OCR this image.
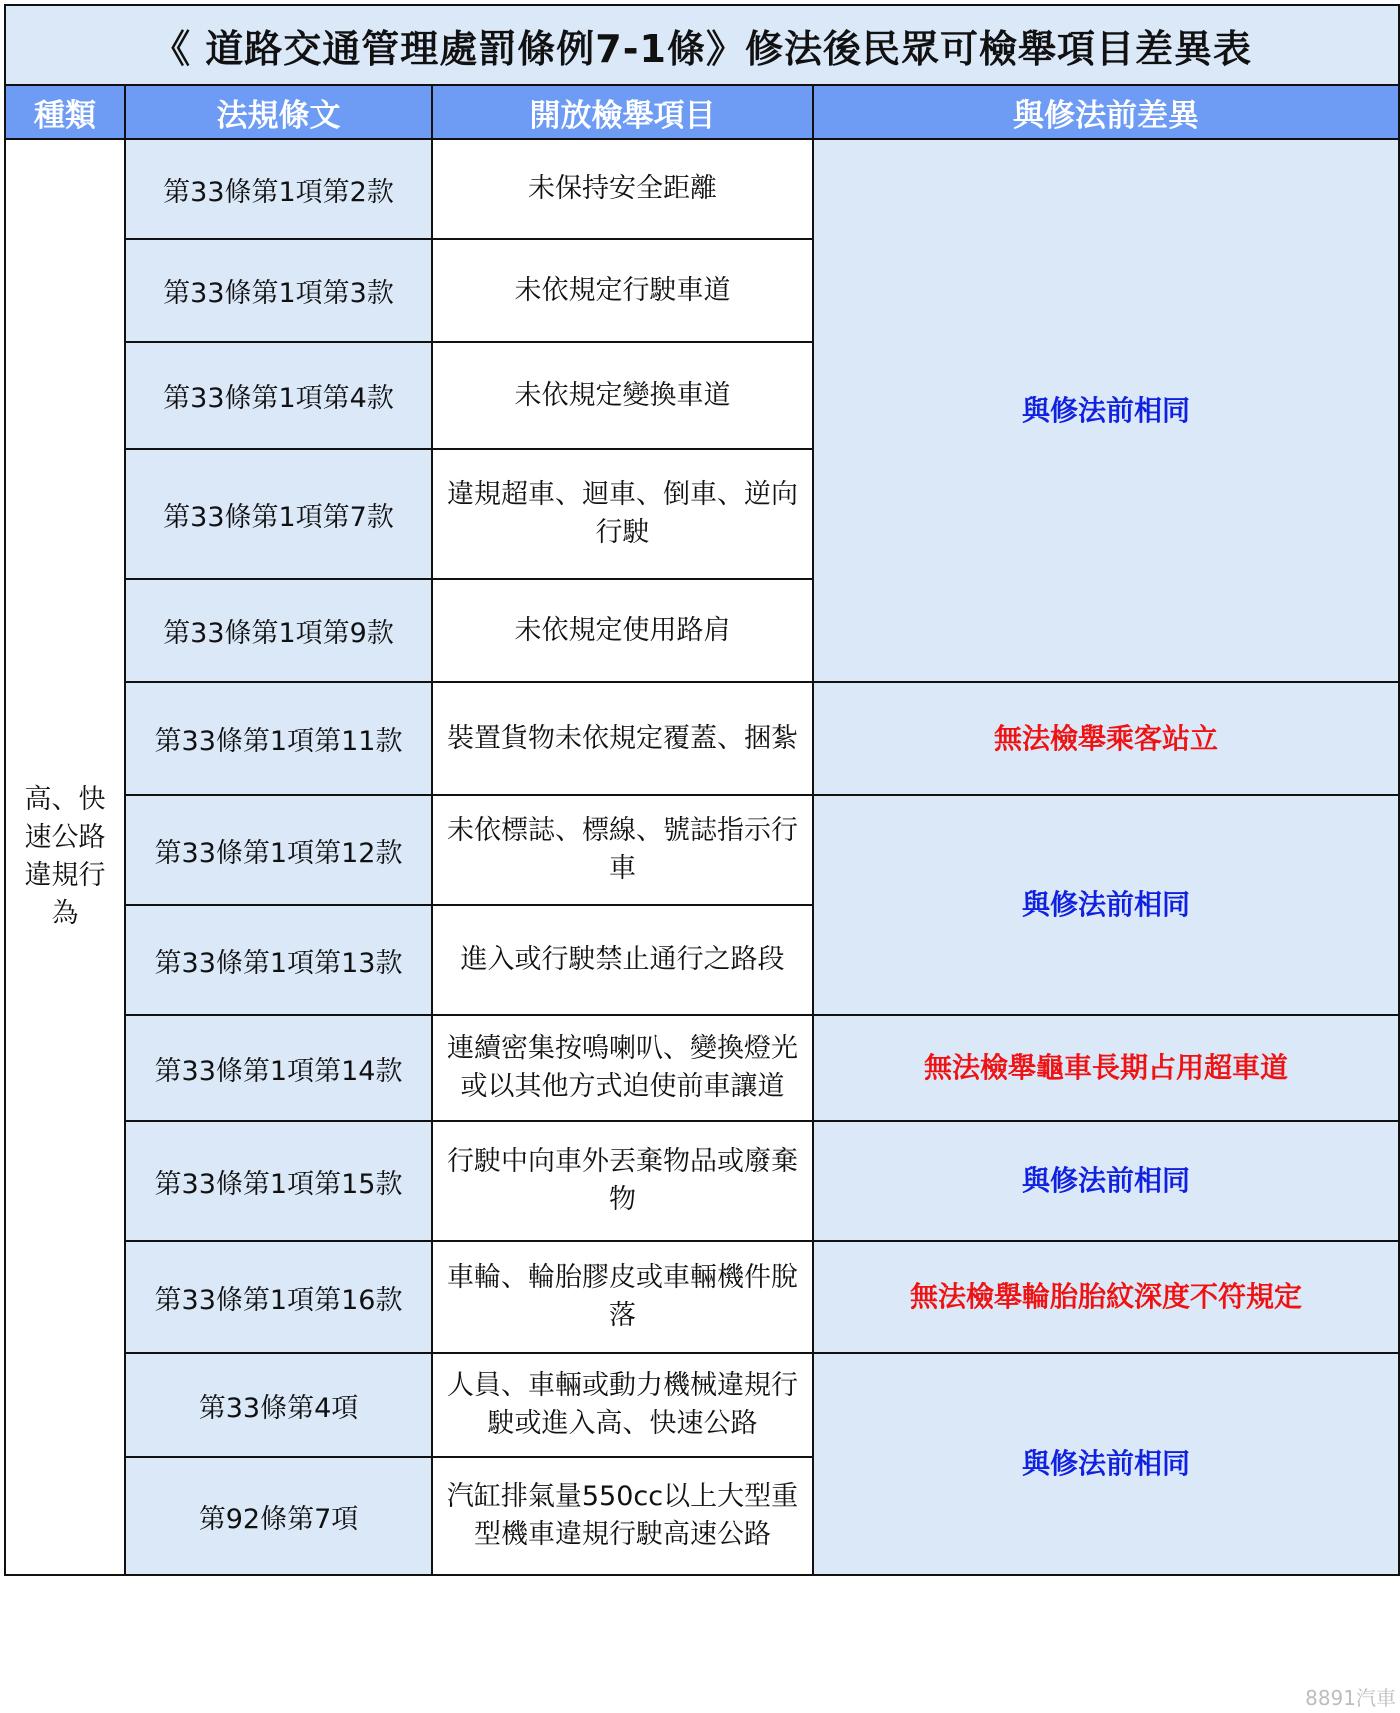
《 道路交通管理處罰條例7-1條》修法後民眾可檢舉項目差異表			
種類	法規條文	開放檢舉項目	與修法前差異
高、快速公路違規行為	第33條第1項第2款	未保持安全距離	與修法前相同
	第33條第1項第3款	未依規定行駛車道	
	第33條第1項第4款	未依規定變換車道	
	第33條第1項第7款	違規超車、迴車、倒車、逆向行駛	
	第33條第1項第9款	未依規定使用路肩	
	第33條第1項第11款	裝置貨物未依規定覆蓋、捆紮	無法檢舉乘客站立
	第33條第1項第12款	未依標誌、標線、號誌指示行車	與修法前相同
	第33條第1項第13款	進入或行駛禁止通行之路段	
	第33條第1項第14款	連續密集按鳴喇叭、變換燈光或以其他方式迫使前車讓道	無法檢舉龜車長期占用超車道
	第33條第1項第15款	行駛中向車外丟棄物品或廢棄物	與修法前相同
	第33條第1項第16款	車輪、輪胎膠皮或車輛機件脫落	無法檢舉輪胎胎紋深度不符規定
	第33條第4項	人員、車輛或動力機械違規行駛或進入高、快速公路	與修法前相同
	第92條第7項	汽缸排氣量550cc以上大型重型機車違規行駛高速公路	
8891汽車
